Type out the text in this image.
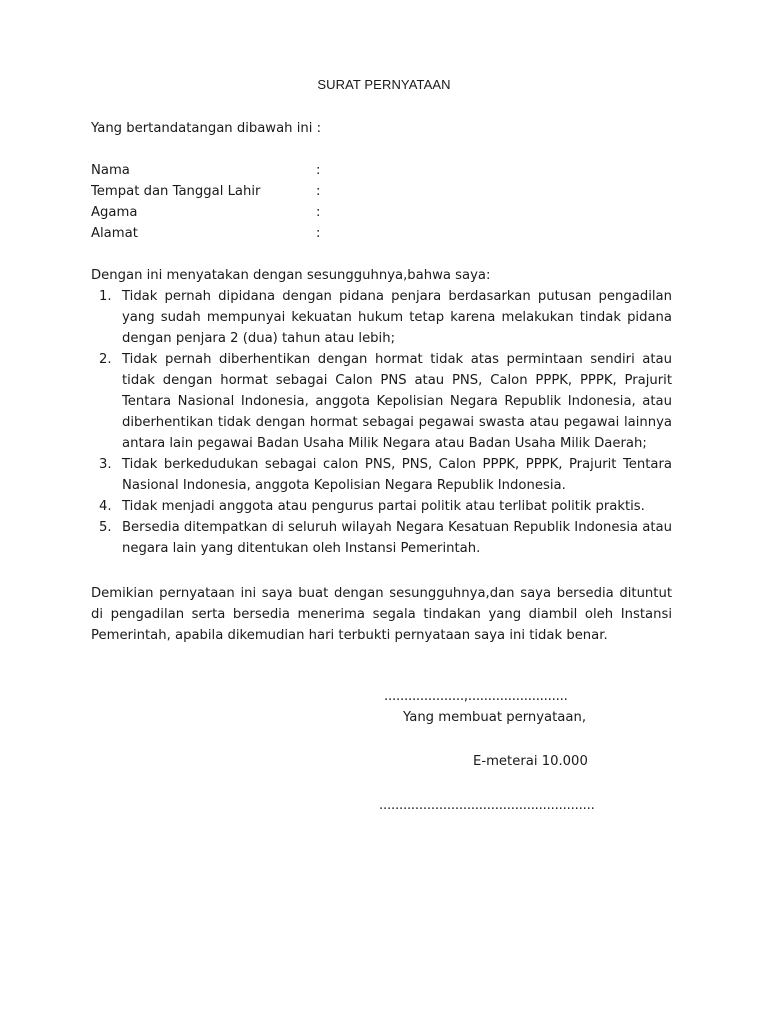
SURAT PERNYATAAN

Yang bertandatangan dibawah ini :

Nama	:
Tempat dan Tanggal Lahir	:
Agama	:
Alamat	:

Dengan ini menyatakan dengan sesungguhnya,bahwa saya:

1. Tidak pernah dipidana dengan pidana penjara berdasarkan putusan pengadilan yang sudah mempunyai kekuatan hukum tetap karena melakukan tindak pidana dengan penjara 2 (dua) tahun atau lebih;
2. Tidak pernah diberhentikan dengan hormat tidak atas permintaan sendiri atau tidak dengan hormat sebagai Calon PNS atau PNS, Calon PPPK, PPPK, Prajurit Tentara Nasional Indonesia, anggota Kepolisian Negara Republik Indonesia, atau diberhentikan tidak dengan hormat sebagai pegawai swasta atau pegawai lainnya antara lain pegawai Badan Usaha Milik Negara atau Badan Usaha Milik Daerah;
3. Tidak berkedudukan sebagai calon PNS, PNS, Calon PPPK, PPPK, Prajurit Tentara Nasional Indonesia, anggota Kepolisian Negara Republik Indonesia.
4. Tidak menjadi anggota atau pengurus partai politik atau terlibat politik praktis.
5. Bersedia ditempatkan di seluruh wilayah Negara Kesatuan Republik Indonesia atau negara lain yang ditentukan oleh Instansi Pemerintah.

Demikian pernyataan ini saya buat dengan sesungguhnya,dan saya bersedia dituntut di pengadilan serta bersedia menerima segala tindakan yang diambil oleh Instansi Pemerintah, apabila dikemudian hari terbukti pernyataan saya ini tidak benar.

....................,.........................
Yang membuat pernyataan,
E-meterai 10.000
......................................................
